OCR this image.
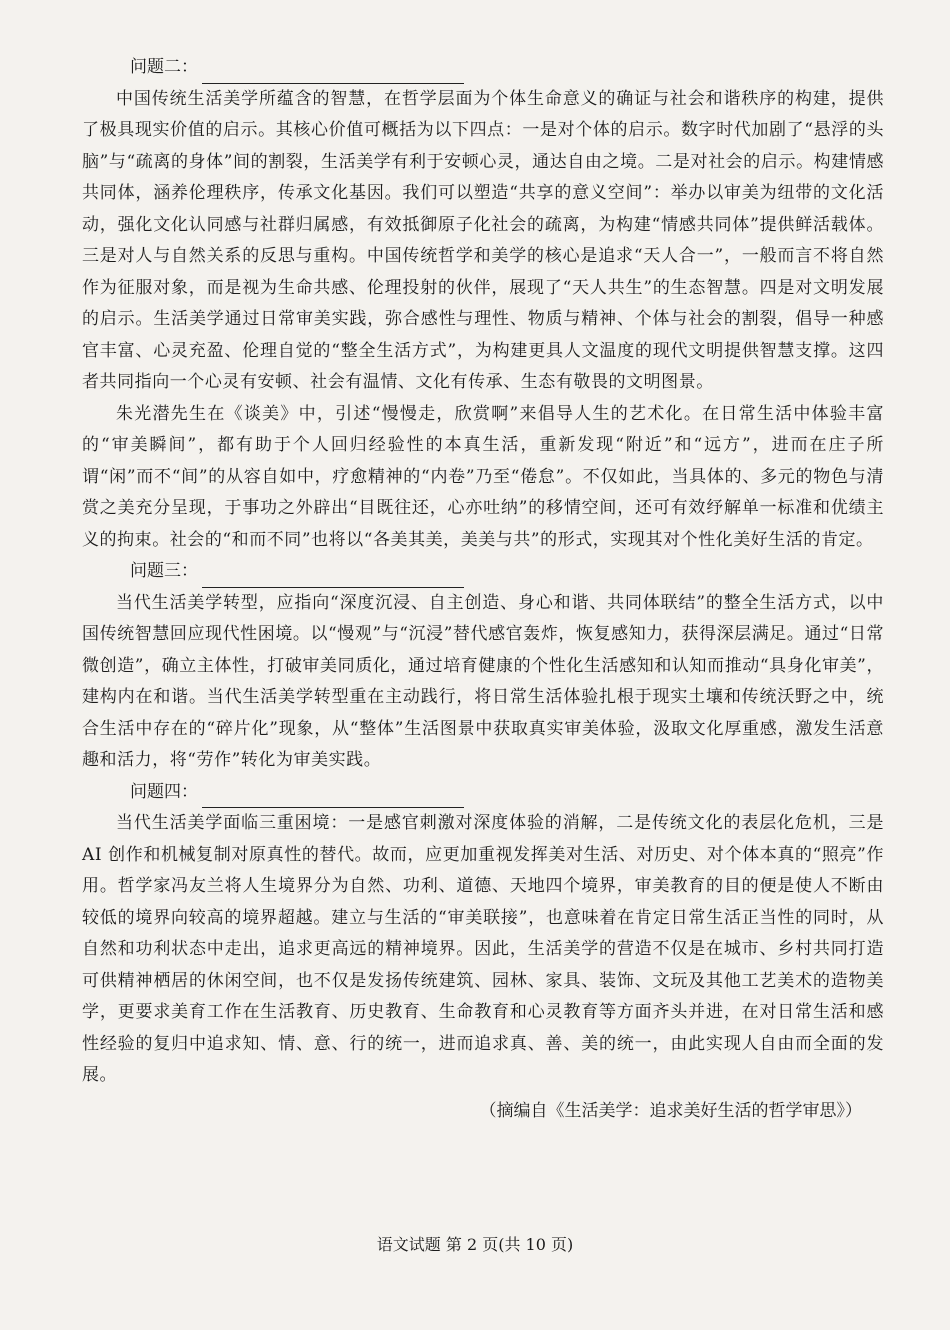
问题二：

中国传统生活美学所蕴含的智慧，在哲学层面为个体生命意义的确证与社会和谐秩序的构建，提供了极具现实价值的启示。其核心价值可概括为以下四点：一是对个体的启示。数字时代加剧了“悬浮的头脑”与“疏离的身体”间的割裂，生活美学有利于安顿心灵，通达自由之境。二是对社会的启示。构建情感共同体，涵养伦理秩序，传承文化基因。我们可以塑造“共享的意义空间”：举办以审美为纽带的文化活动，强化文化认同感与社群归属感，有效抵御原子化社会的疏离，为构建“情感共同体”提供鲜活载体。三是对人与自然关系的反思与重构。中国传统哲学和美学的核心是追求“天人合一”，一般而言不将自然作为征服对象，而是视为生命共感、伦理投射的伙伴，展现了“天人共生”的生态智慧。四是对文明发展的启示。生活美学通过日常审美实践，弥合感性与理性、物质与精神、个体与社会的割裂，倡导一种感官丰富、心灵充盈、伦理自觉的“整全生活方式”，为构建更具人文温度的现代文明提供智慧支撑。这四者共同指向一个心灵有安顿、社会有温情、文化有传承、生态有敬畏的文明图景。

朱光潜先生在《谈美》中，引述“慢慢走，欣赏啊”来倡导人生的艺术化。在日常生活中体验丰富的“审美瞬间”，都有助于个人回归经验性的本真生活，重新发现“附近”和“远方”，进而在庄子所谓“闲”而不“间”的从容自如中，疗愈精神的“内卷”乃至“倦怠”。不仅如此，当具体的、多元的物色与清赏之美充分呈现，于事功之外辟出“目既往还，心亦吐纳”的移情空间，还可有效纾解单一标准和优绩主义的拘束。社会的“和而不同”也将以“各美其美，美美与共”的形式，实现其对个性化美好生活的肯定。

问题三：

当代生活美学转型，应指向“深度沉浸、自主创造、身心和谐、共同体联结”的整全生活方式，以中国传统智慧回应现代性困境。以“慢观”与“沉浸”替代感官轰炸，恢复感知力，获得深层满足。通过“日常微创造”，确立主体性，打破审美同质化，通过培育健康的个性化生活感知和认知而推动“具身化审美”，建构内在和谐。当代生活美学转型重在主动践行，将日常生活体验扎根于现实土壤和传统沃野之中，统合生活中存在的“碎片化”现象，从“整体”生活图景中获取真实审美体验，汲取文化厚重感，激发生活意趣和活力，将“劳作”转化为审美实践。

问题四：

当代生活美学面临三重困境：一是感官刺激对深度体验的消解，二是传统文化的表层化危机，三是 AI 创作和机械复制对原真性的替代。故而，应更加重视发挥美对生活、对历史、对个体本真的“照亮”作用。哲学家冯友兰将人生境界分为自然、功利、道德、天地四个境界，审美教育的目的便是使人不断由较低的境界向较高的境界超越。建立与生活的“审美联接”，也意味着在肯定日常生活正当性的同时，从自然和功利状态中走出，追求更高远的精神境界。因此，生活美学的营造不仅是在城市、乡村共同打造可供精神栖居的休闲空间，也不仅是发扬传统建筑、园林、家具、装饰、文玩及其他工艺美术的造物美学，更要求美育工作在生活教育、历史教育、生命教育和心灵教育等方面齐头并进，在对日常生活和感性经验的复归中追求知、情、意、行的统一，进而追求真、善、美的统一，由此实现人自由而全面的发展。

（摘编自《生活美学：追求美好生活的哲学审思》）
语文试题 第 2 页(共 10 页)
